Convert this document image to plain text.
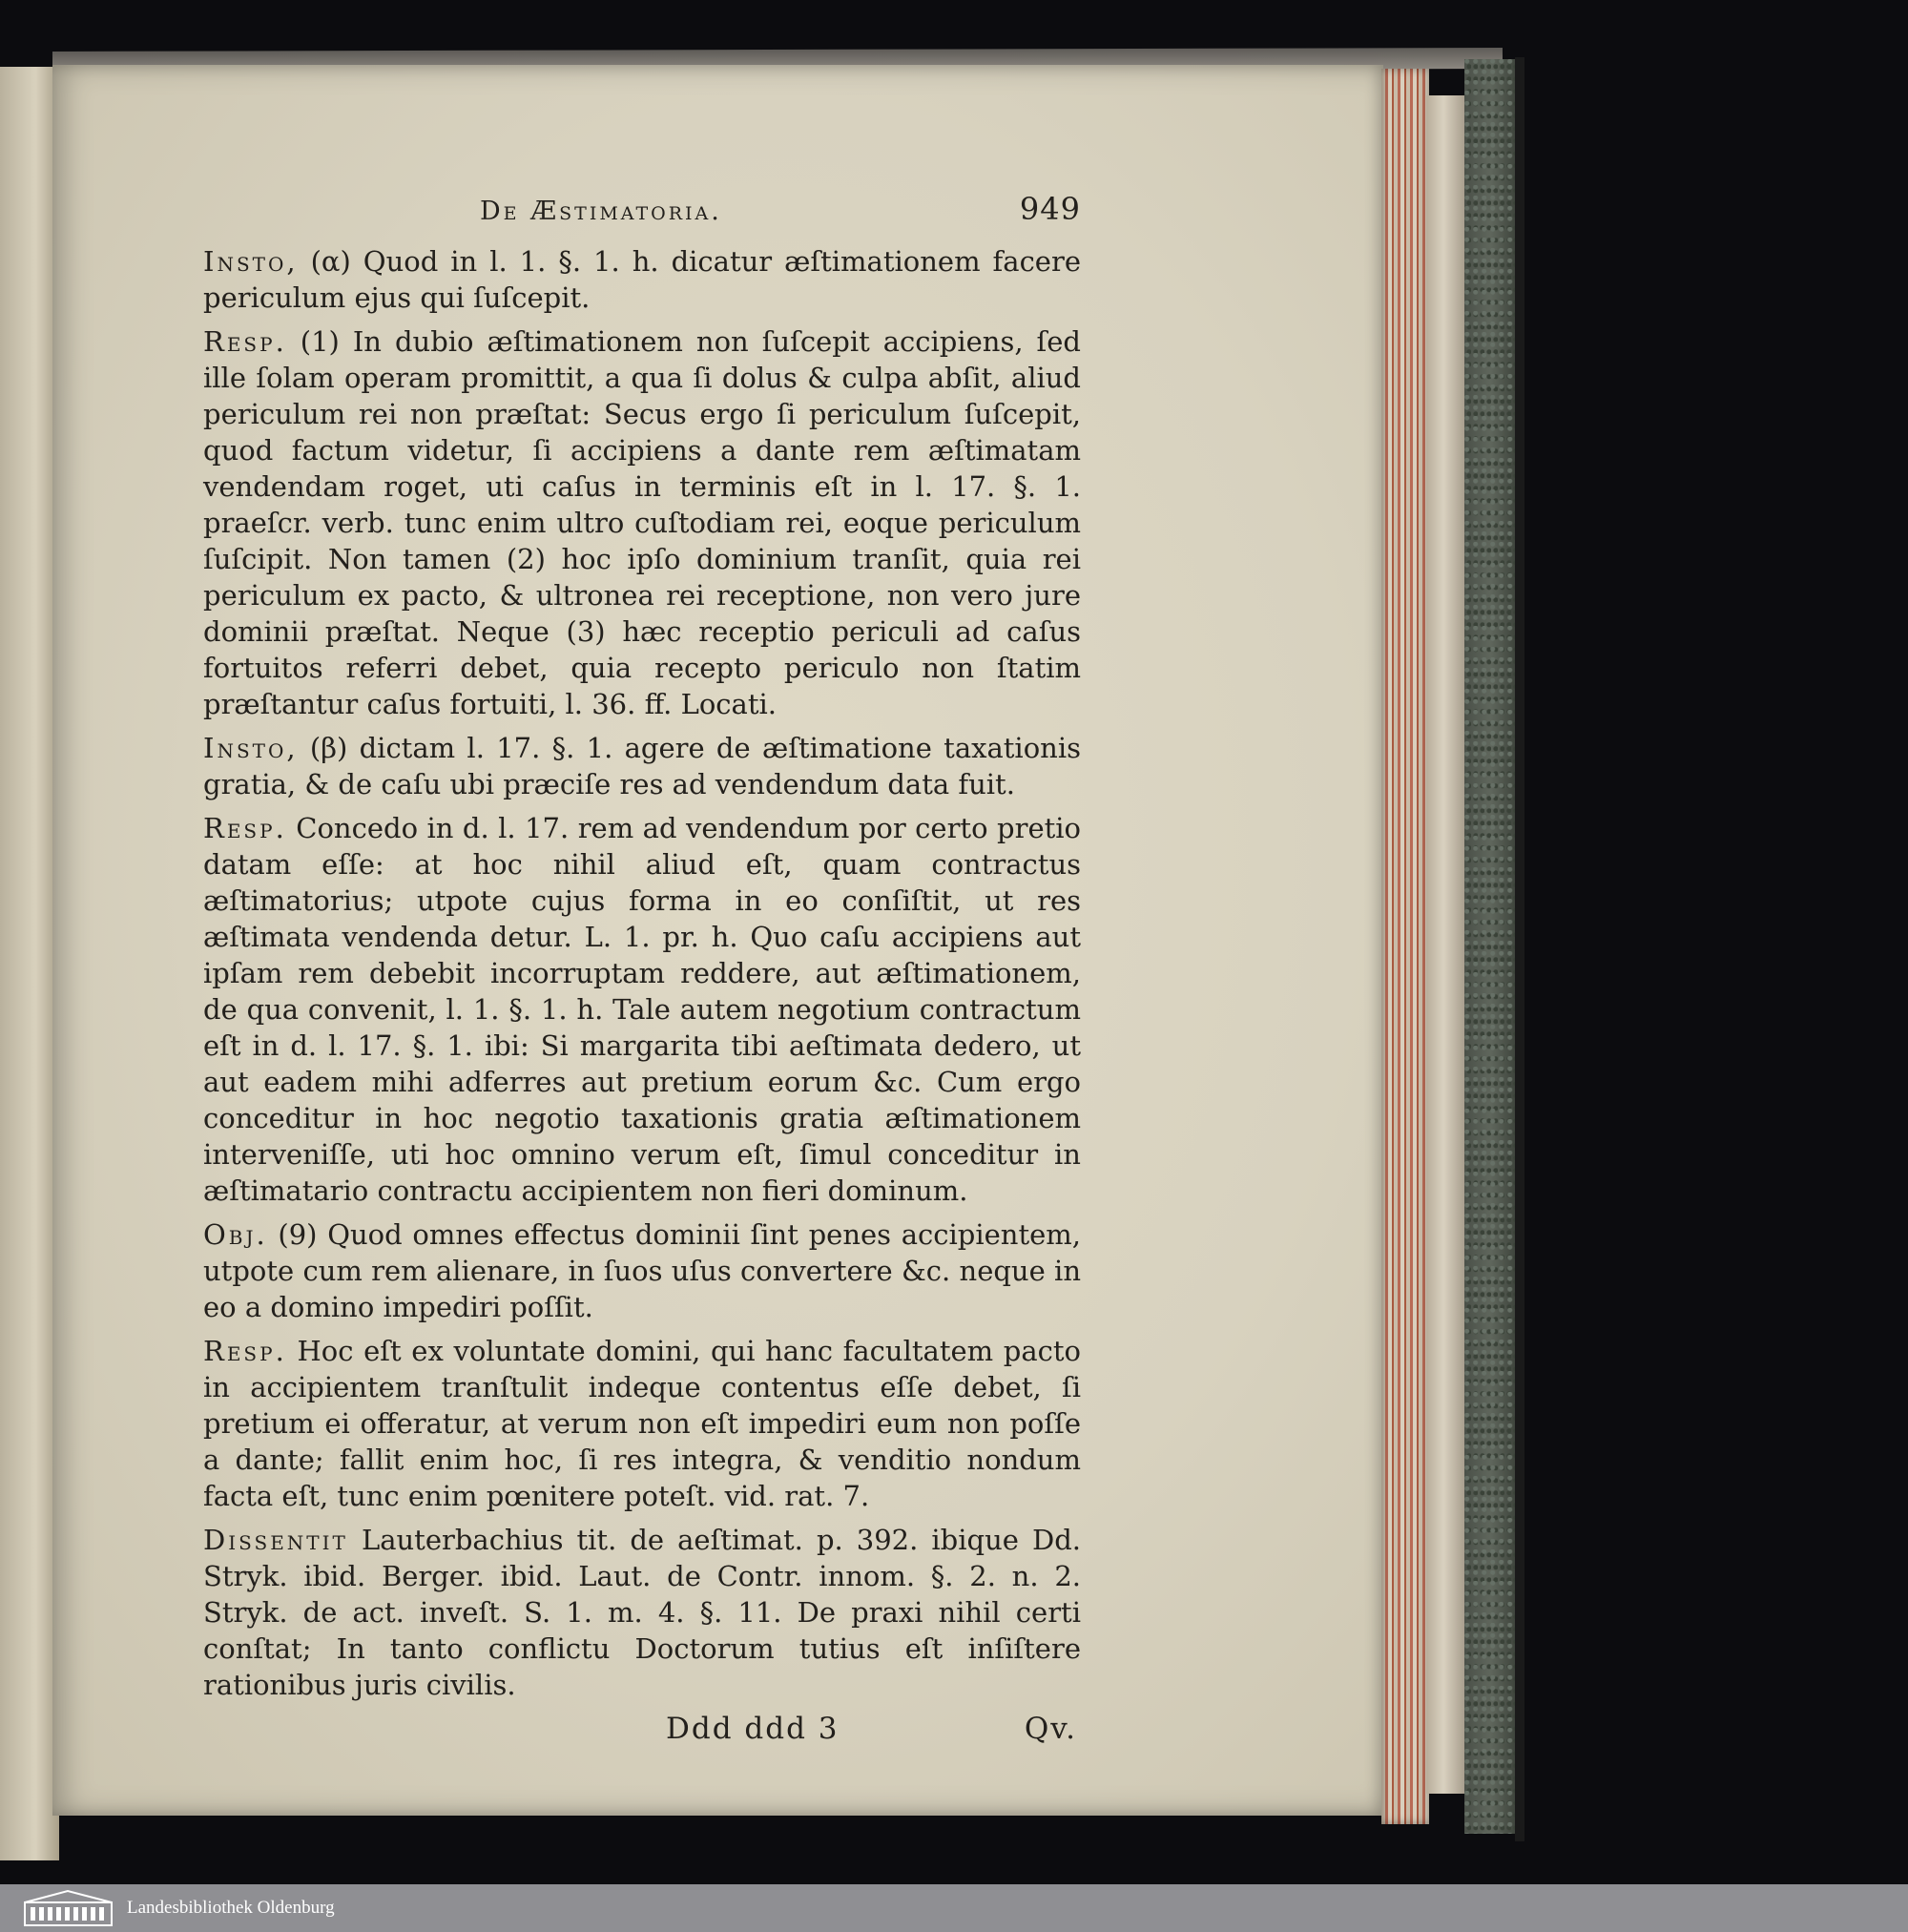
De Æstimatoria.	949

Insto, (α) Quod in l. 1. §. 1. h. dicatur æſtimationem facere periculum ejus qui ſuſcepit.

Resp. (1) In dubio æſtimationem non ſuſcepit accipiens, ſed ille ſolam operam promittit, a qua ſi dolus & culpa abſit, aliud periculum rei non præſtat: Secus ergo ſi periculum ſuſcepit, quod factum videtur, ſi accipiens a dante rem æſtimatam vendendam roget, uti caſus in terminis eſt in l. 17. §. 1. praeſcr. verb. tunc enim ultro cuſtodiam rei, eoque periculum ſuſcipit. Non tamen (2) hoc ipſo dominium tranſit, quia rei periculum ex pacto, & ultronea rei receptione, non vero jure dominii præſtat. Neque (3) hæc receptio periculi ad caſus fortuitos referri debet, quia recepto periculo non ſtatim præſtantur caſus fortuiti, l. 36. ff. Locati.

Insto, (β) dictam l. 17. §. 1. agere de æſtimatione taxationis gratia, & de caſu ubi præciſe res ad vendendum data fuit.

Resp. Concedo in d. l. 17. rem ad vendendum por certo pretio datam eſſe: at hoc nihil aliud eſt, quam contractus æſtimatorius; utpote cujus forma in eo conſiſtit, ut res æſtimata vendenda detur. L. 1. pr. h. Quo caſu accipiens aut ipſam rem debebit incorruptam reddere, aut æſtimationem, de qua convenit, l. 1. §. 1. h. Tale autem negotium contractum eſt in d. l. 17. §. 1. ibi: Si margarita tibi aeſtimata dedero, ut aut eadem mihi adferres aut pretium eorum &c. Cum ergo conceditur in hoc negotio taxationis gratia æſtimationem interveniſſe, uti hoc omnino verum eſt, ſimul conceditur in æſtimatario contractu accipientem non fieri dominum.

Obj. (9) Quod omnes effectus dominii ſint penes accipientem, utpote cum rem alienare, in ſuos uſus convertere &c. neque in eo a domino impediri poſſit.

Resp. Hoc eſt ex voluntate domini, qui hanc facultatem pacto in accipientem tranſtulit indeque contentus eſſe debet, ſi pretium ei offeratur, at verum non eſt impediri eum non poſſe a dante; fallit enim hoc, ſi res integra, & venditio nondum facta eſt, tunc enim pœnitere poteſt. vid. rat. 7.

Dissentit Lauterbachius tit. de aeſtimat. p. 392. ibique Dd. Stryk. ibid. Berger. ibid. Laut. de Contr. innom. §. 2. n. 2. Stryk. de act. inveſt. S. 1. m. 4. §. 11. De praxi nihil certi conſtat; In tanto conflictu Doctorum tutius eſt inſiſtere rationibus juris civilis.

Ddd ddd 3	Qv.
Landesbibliothek Oldenburg
